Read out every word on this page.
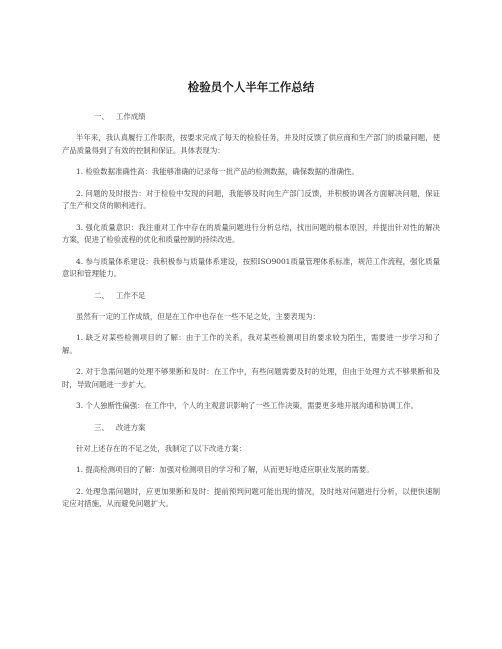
检验员个人半年工作总结
一、 工作成绩

半年来，我认真履行工作职责，按要求完成了每天的检验任务，并及时反馈了供应商和生产部门的质量问题，使产品质量得到了有效的控制和保证。具体表现为：

1. 检验数据准确性高：我能够准确的记录每一批产品的检测数据，确保数据的准确性。

2. 问题的及时报告：对于检验中发现的问题，我能够及时向生产部门反馈，并积极协调各方面解决问题，保证了生产和交货的顺利进行。

3. 强化质量意识：我注重对工作中存在的质量问题进行分析总结，找出问题的根本原因，并提出针对性的解决方案，促进了检验流程的优化和质量控制的持续改进。

4. 参与质量体系建设：我积极参与质量体系建设，按照ISO9001质量管理体系标准，规范工作流程，强化质量意识和管理能力。

二、 工作不足

虽然有一定的工作成绩，但是在工作中也存在一些不足之处，主要表现为：

1. 缺乏对某些检测项目的了解：由于工作的关系，我对某些检测项目的要求较为陌生，需要进一步学习和了解。

2. 对于急需问题的处理不够果断和及时：在工作中，有些问题需要及时的处理，但由于处理方式不够果断和及时，导致问题进一步扩大。

3. 个人独断性偏强：在工作中，个人的主观意识影响了一些工作决策，需要更多地开展沟通和协调工作。

三、 改进方案

针对上述存在的不足之处，我制定了以下改进方案：

1. 提高检测项目的了解：加强对检测项目的学习和了解，从而更好地适应职业发展的需要。

2. 处理急需问题时，应更加果断和及时：提前预判问题可能出现的情况，及时地对问题进行分析，以便快速制定应对措施，从而避免问题扩大。
